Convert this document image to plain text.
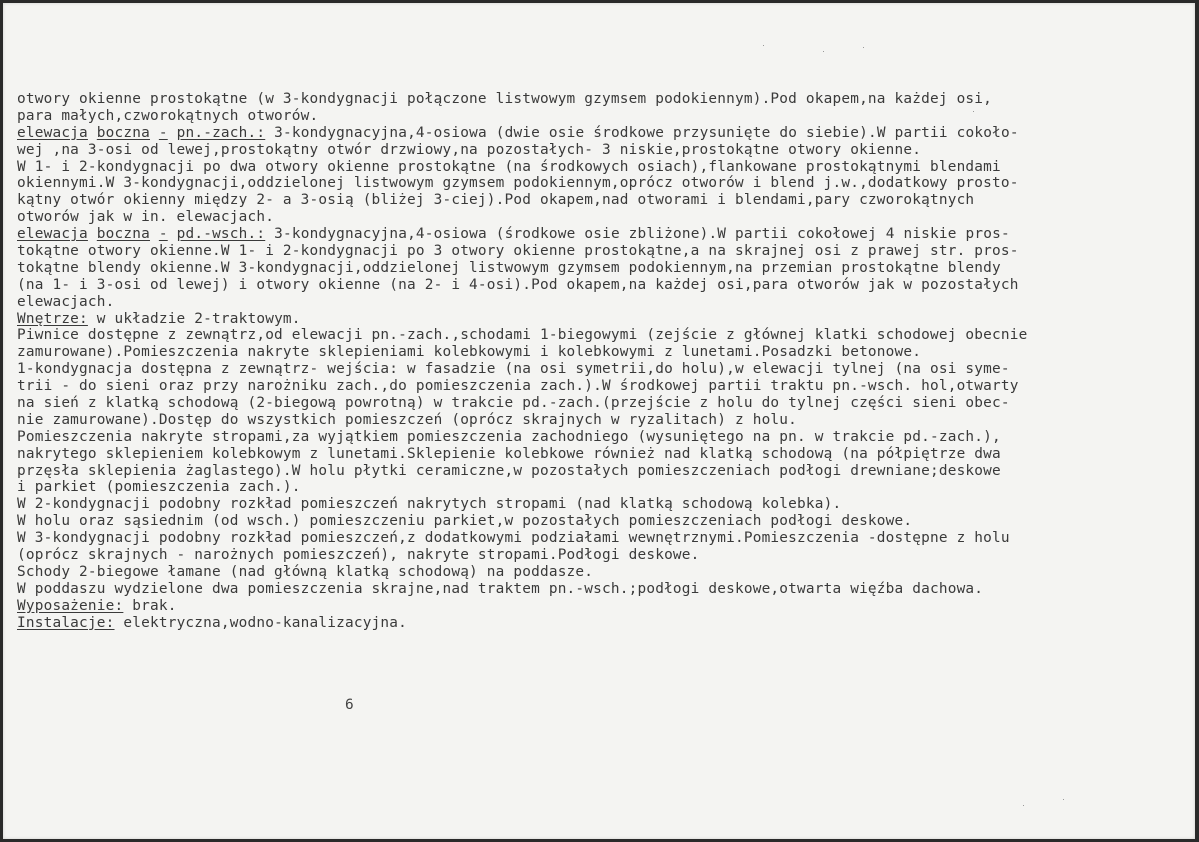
otwory okienne prostokątne (w 3-kondygnacji połączone listwowym gzymsem podokiennym).Pod okapem,na każdej osi,
para małych,czworokątnych otworów.
elewacja boczna - pn.-zach.: 3-kondygnacyjna,4-osiowa (dwie osie środkowe przysunięte do siebie).W partii cokoło-
wej ,na 3-osi od lewej,prostokątny otwór drzwiowy,na pozostałych- 3 niskie,prostokątne otwory okienne.
W 1- i 2-kondygnacji po dwa otwory okienne prostokątne (na środkowych osiach),flankowane prostokątnymi blendami
okiennymi.W 3-kondygnacji,oddzielonej listwowym gzymsem podokiennym,oprócz otworów i blend j.w.,dodatkowy prosto-
kątny otwór okienny między 2- a 3-osią (bliżej 3-ciej).Pod okapem,nad otworami i blendami,pary czworokątnych
otworów jak w in. elewacjach.
elewacja boczna - pd.-wsch.: 3-kondygnacyjna,4-osiowa (środkowe osie zbliżone).W partii cokołowej 4 niskie pros-
tokątne otwory okienne.W 1- i 2-kondygnacji po 3 otwory okienne prostokątne,a na skrajnej osi z prawej str. pros-
tokątne blendy okienne.W 3-kondygnacji,oddzielonej listwowym gzymsem podokiennym,na przemian prostokątne blendy
(na 1- i 3-osi od lewej) i otwory okienne (na 2- i 4-osi).Pod okapem,na każdej osi,para otworów jak w pozostałych
elewacjach.
Wnętrze: w układzie 2-traktowym.
Piwnice dostępne z zewnątrz,od elewacji pn.-zach.,schodami 1-biegowymi (zejście z głównej klatki schodowej obecnie
zamurowane).Pomieszczenia nakryte sklepieniami kolebkowymi i kolebkowymi z lunetami.Posadzki betonowe.
1-kondygnacja dostępna z zewnątrz- wejścia: w fasadzie (na osi symetrii,do holu),w elewacji tylnej (na osi syme-
trii - do sieni oraz przy narożniku zach.,do pomieszczenia zach.).W środkowej partii traktu pn.-wsch. hol,otwarty
na sień z klatką schodową (2-biegową powrotną) w trakcie pd.-zach.(przejście z holu do tylnej części sieni obec-
nie zamurowane).Dostęp do wszystkich pomieszczeń (oprócz skrajnych w ryzalitach) z holu.
Pomieszczenia nakryte stropami,za wyjątkiem pomieszczenia zachodniego (wysuniętego na pn. w trakcie pd.-zach.),
nakrytego sklepieniem kolebkowym z lunetami.Sklepienie kolebkowe również nad klatką schodową (na półpiętrze dwa
przęsła sklepienia żaglastego).W holu płytki ceramiczne,w pozostałych pomieszczeniach podłogi drewniane;deskowe
i parkiet (pomieszczenia zach.).
W 2-kondygnacji podobny rozkład pomieszczeń nakrytych stropami (nad klatką schodową kolebka).
W holu oraz sąsiednim (od wsch.) pomieszczeniu parkiet,w pozostałych pomieszczeniach podłogi deskowe.
W 3-kondygnacji podobny rozkład pomieszczeń,z dodatkowymi podziałami wewnętrznymi.Pomieszczenia -dostępne z holu
(oprócz skrajnych - narożnych pomieszczeń), nakryte stropami.Podłogi deskowe.
Schody 2-biegowe łamane (nad główną klatką schodową) na poddasze.
W poddaszu wydzielone dwa pomieszczenia skrajne,nad traktem pn.-wsch.;podłogi deskowe,otwarta więźba dachowa.
Wyposażenie: brak.
Instalacje: elektryczna,wodno-kanalizacyjna.
6
